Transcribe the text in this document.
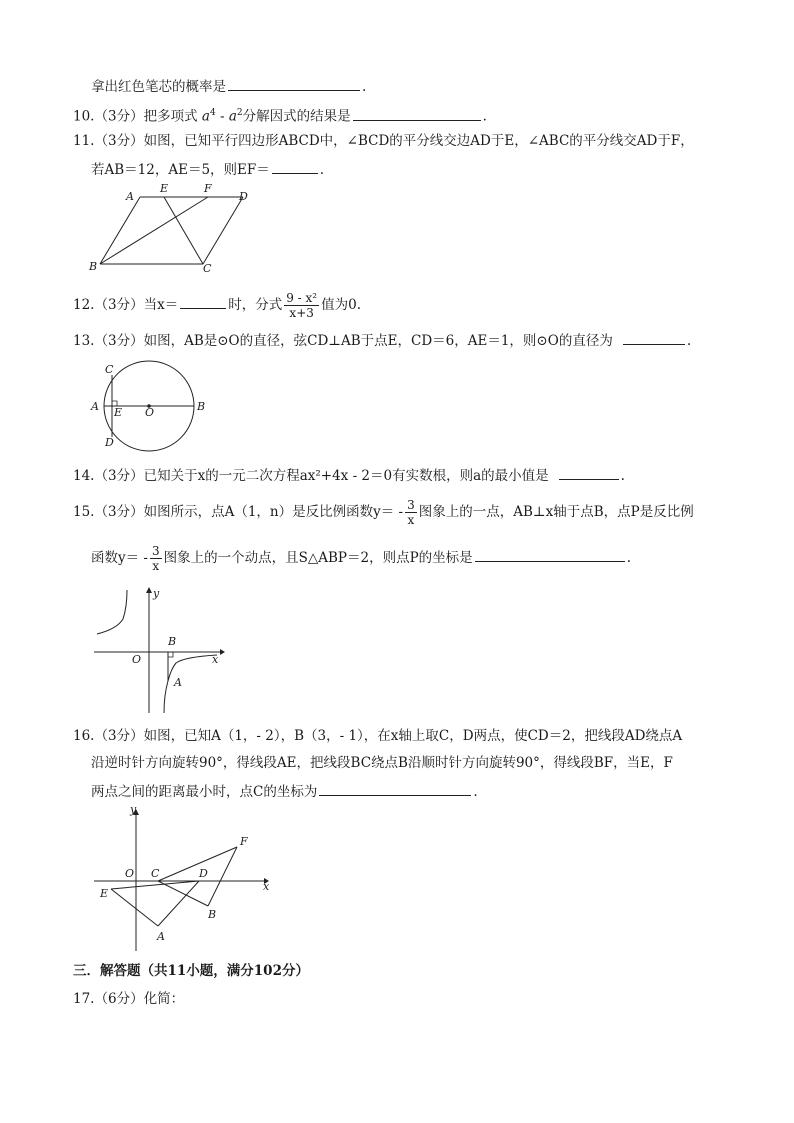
拿出红色笔芯的概率是	.
10.（3分）把多项式 $a^4 - a^2$分解因式的结果是	.
11.（3分）如图，已知平行四边形ABCD中，∠BCD的平分线交边AD于E，∠ABC的平分线交AD于F，
若AB＝12，AE＝5，则EF＝	.
A
E	F
D
B	C
12.（3分）当x＝	时，分式 $\frac{\text{9 - x²}}{x+3}$ 值为0.
13.（3分）如图，AB是⊙O的直径，弦CD⊥AB于点E，CD＝6，AE＝1，则⊙O的直径为	.
C
A E O	B
D
14.（3分）已知关于x的一元二次方程ax²+4x - 2＝0有实数根，则a的最小值是	.
15.（3分）如图所示，点A（1，n）是反比例函数$y= - \frac{3}{x}$ 图象上的一点，AB⊥x轴于点B，点P是反比例
函数$y= - \frac{3}{x}$ 图象上的一个动点，且S△ABP＝2，则点P的坐标是	.
y
B
O	x
A
16.（3分）如图，已知A（1，- 2），B（3，- 1），在x轴上取C，D两点，使CD＝2，把线段AD绕点A
沿逆时针方向旋转90°，得线段AE，把线段BC绕点B沿顺时针方向旋转90°，得线段BF，当E，F
两点之间的距离最小时，点C的坐标为	.
y
F
O C	D
x
E
B
A
三．解答题（共11小题，满分102分）
17.（6分）化简：
